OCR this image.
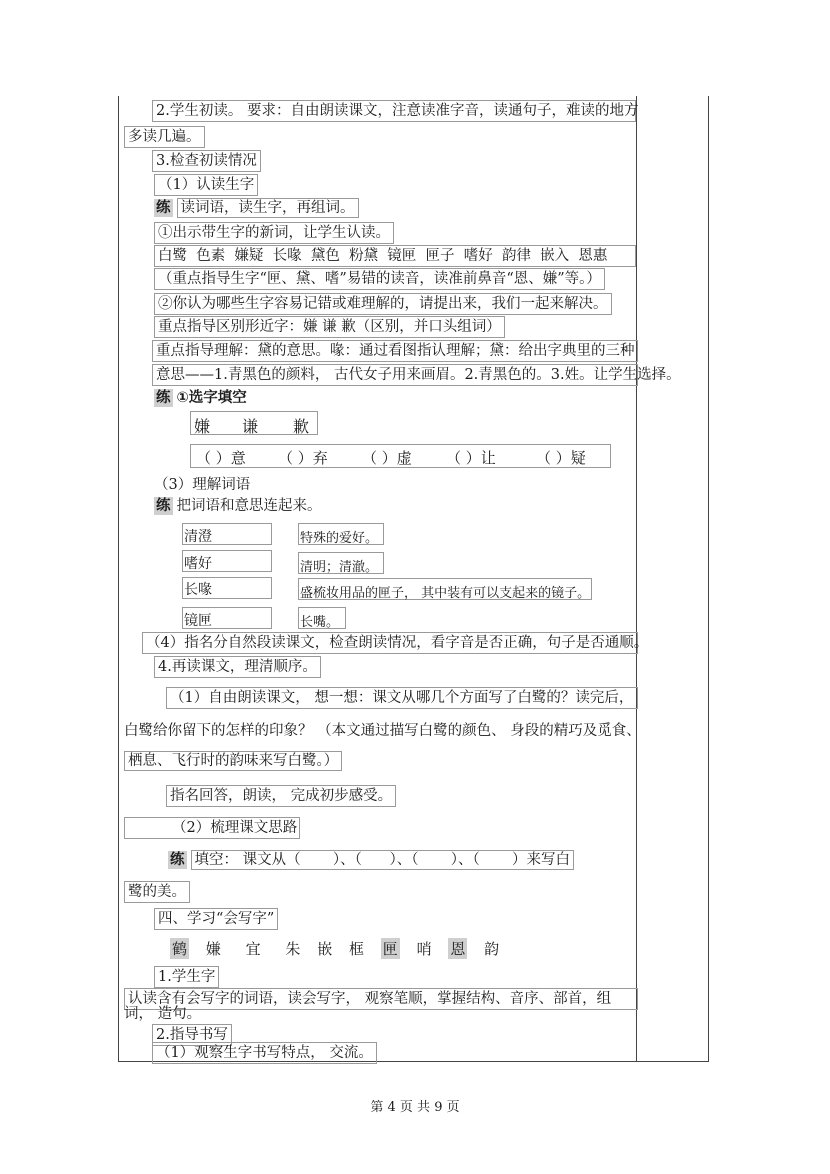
2.学生初读。 要求：自由朗读课文，注意读准字音，读通句子，难读的地方
多读几遍。
3.检查初读情况
（1）认读生字
练 读词语，读生字，再组词。
①出示带生字的新词，让学生认读。
白鹭  色素  嫌疑  长喙  黛色  粉黛  镜匣  匣子  嗜好  韵律  嵌入  恩惠
（重点指导生字“匣、黛、嗜”易错的读音，读准前鼻音“恩、嫌”等。）
②你认为哪些生字容易记错或难理解的，请提出来，我们一起来解决。
重点指导区别形近字：嫌 谦 歉（区别，并口头组词）
重点指导理解：黛的意思。喙：通过看图指认理解；黛：给出字典里的三种
意思——1.青黑色的颜料， 古代女子用来画眉。2.青黑色的。3.姓。让学生选择。
练 ①选字填空
嫌 谦 歉
（ ）意 （ ）弃 （ ）虚 （ ）让	（ ）疑
（3）理解词语
练 把词语和意思连起来。
清澄	特殊的爱好。
嗜好	清明；清澈。
长喙	盛梳妆用品的匣子， 其中装有可以支起来的镜子。
镜匣	长嘴。
（4）指名分自然段读课文，检查朗读情况，看字音是否正确，句子是否通顺。
4.再读课文，理清顺序。
（1）自由朗读课文， 想一想：课文从哪几个方面写了白鹭的？读完后，
白鹭给你留下的怎样的印象？ （本文通过描写白鹭的颜色、 身段的精巧及觅食、
栖息、飞行时的韵味来写白鹭。）
指名回答，朗读， 完成初步感受。
（2）梳理课文思路
练 填空： 课文从（       ）、（      ）、（       ）、（       ）来写白
鹭的美。
四、学习“会写字”
鹤 嫌 宜 朱 嵌 框 匣 哨 恩 韵
1.学生字
认读含有会写字的词语，读会写字， 观察笔顺，掌握结构、音序、部首，组
词， 造句。
2.指导书写
（1）观察生字书写特点， 交流。
第 4 页 共 9 页
